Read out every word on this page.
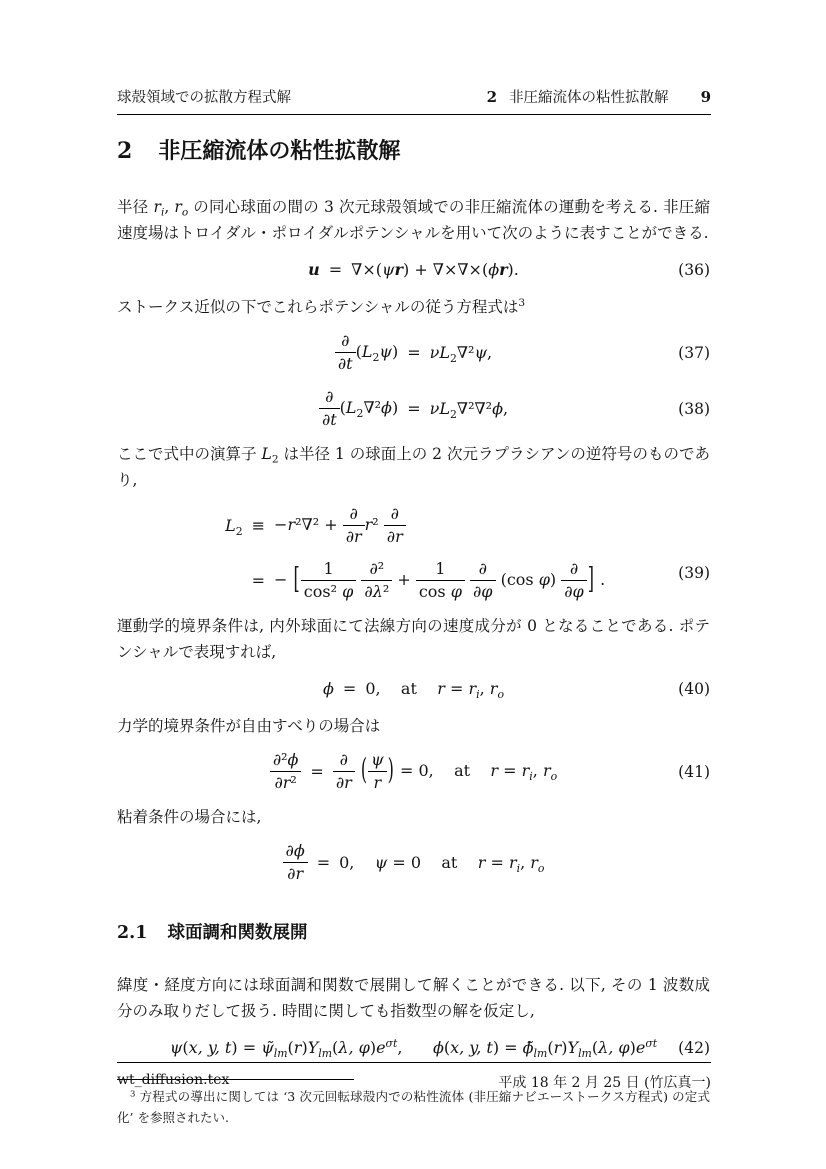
球殻領域での拡散方程式解	2 非圧縮流体の粘性拡散解 9
2 非圧縮流体の粘性拡散解
半径 $r_i$, $r_o$ の同心球面の間の 3 次元球殻領域での非圧縮流体の運動を考える. 非圧縮速度場はトロイダル・ポロイダルポテンシャルを用いて次のように表すことができる.
u	=	∇×(ψr) + ∇×∇×(ϕr).	(36)
ストークス近似の下でこれらポテンシャルの従う方程式は$^3$
$\frac{\partial}{\partial t} (L_2\psi)$	=	$\nu L_2\nabla^2\psi$,	(37)
$\frac{\partial}{\partial t} (L_2\nabla^2\phi)$	=	$\nu L_2\nabla^2\nabla^2\phi$,	(38)
ここで式中の演算子 $L_2$ は半径 1 の球面上の 2 次元ラプラシアンの逆符号のものであり,
$L_2$	≡	$-r^2\nabla^2 + \frac{\partial}{\partial r} r^2 \frac{\partial}{\partial r}$

	=	− [ $\frac{1}{\text{cos² φ}}$
$\frac{\text{∂²}}{\text{∂λ²}} + \frac{1}{\text{cos φ}}$
$\frac{\partial}{\partial\varphi} (\cos$ $\varphi) \frac{\partial}{\partial\varphi}$ ] .	(39)
運動学的境界条件は, 内外球面にて法線方向の速度成分が 0 となることである. ポテンシャルで表現すれば,
ϕ	=	0,    at    $r = r_i$, $r_o$	(40)
力学的境界条件が自由すべりの場合は
$\frac{\text{∂²ϕ}}{\text{∂r²}}$	=	$\frac{\partial}{\partial r}$ ( $\frac{\psi}{r}$ ) = 0,    at    $r = r_i$, $r_o$	(41)
粘着条件の場合には,
$\frac{\partial\phi}{\partial r}$	=	0,    ψ = 0    at    $r = r_i$, $r_o$
2.1 球面調和関数展開
緯度・経度方向には球面調和関数で展開して解くことができる. 以下, その 1 波数成分のみ取りだして扱う. 時間に関しても指数型の解を仮定し,
		ψ(x, y, $t) = \psĩ_{lm}(r)Y_{lm}(\lambda$, $\varphi)e^{\sigma t}$,      ϕ(x, y, $t) = \phĩ_{lm}(r)Y_{lm}(\lambda$, $\varphi)e^{\sigma t}$ (42)
$^3$ 方程式の導出に関しては ‘3 次元回転球殻内での粘性流体 (非圧縮ナビエーストークス方程式) の定式化’ を参照されたい.
wt_diffusion.tex	平成 18 年 2 月 25 日 (竹広真一)
